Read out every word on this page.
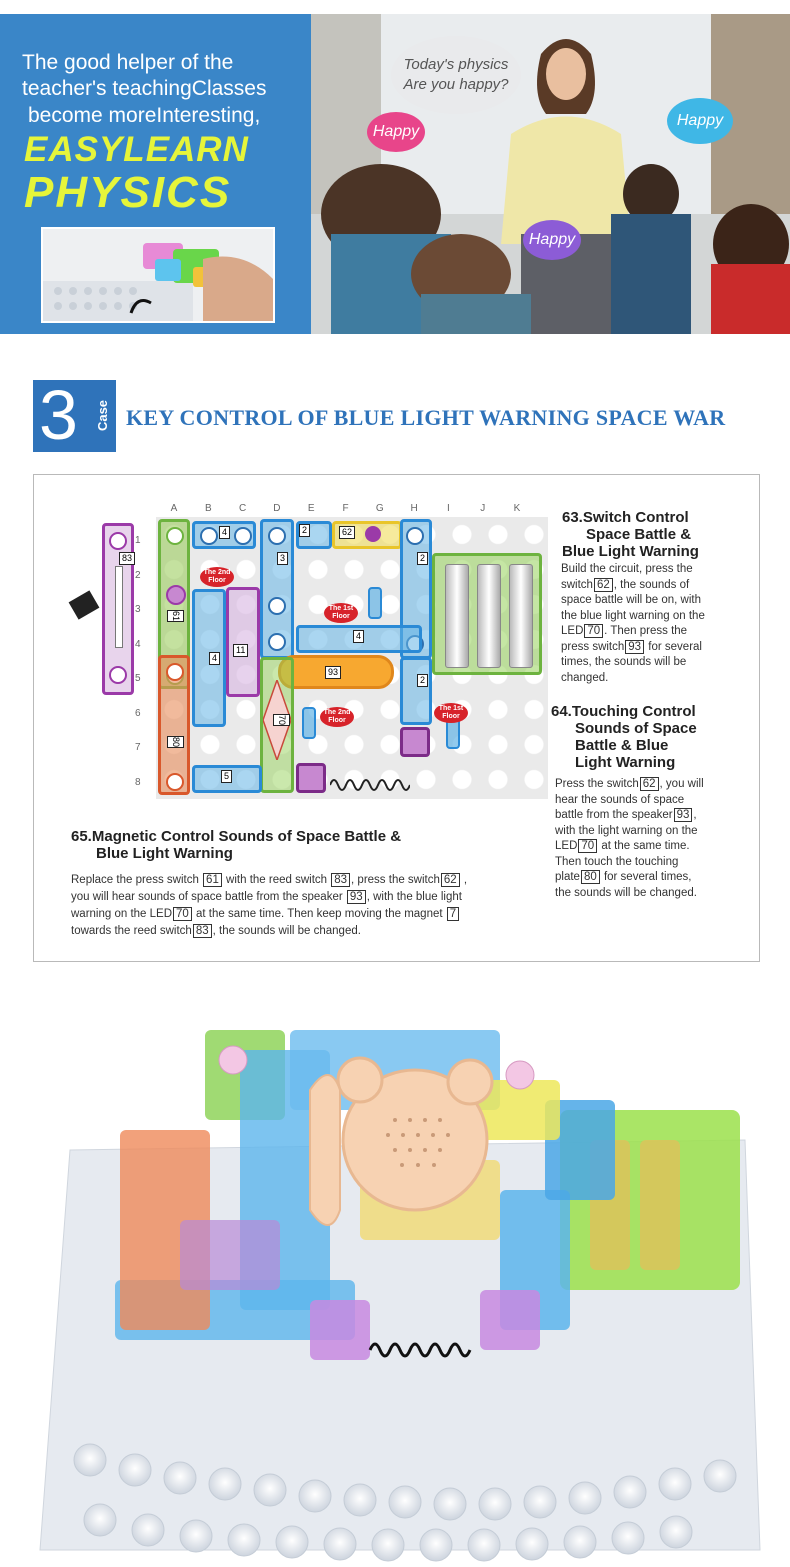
The good helper of the
teacher's teachingClasses
become moreInteresting,
EASYLEARN
PHYSICS
Today's physics
Are you happy?
Happy
Happy
Happy
3 Case KEY CONTROL OF BLUE LIGHT WARNING SPACE WAR
A	B	C	D	E	F	G	H	I	J	K
1
2
3
4
5
6
7
8
83
61
80
4
3
2	62
2
4
93
11
4
70
5
2
The 2nd Floor
The 1st Floor
The 2nd Floor
The 1st Floor
63.Switch Control
Space Battle &
Blue Light Warning
Build the circuit, press the
switch 62 , the sounds of
space battle will be on, with
the blue light warning on the
LED 70 . Then press the
press switch 93 for several
times, the sounds will be
changed.
64.Touching Control
Sounds of Space
Battle & Blue
Light Warning
Press the switch 62 , you will
hear the sounds of space
battle from the speaker 93 ,
with the light warning on the
LED 70 at the same time.
Then touch the touching
plate 80 for several times,
the sounds will be changed.
65.Magnetic Control Sounds of Space Battle &
Blue Light Warning
Replace the press switch 61 with the reed switch 83 , press the switch 62 ,
you will hear sounds of space battle from the speaker 93 , with the blue light
warning on the LED 70 at the same time. Then keep moving the magnet 7
towards the reed switch 83 , the sounds will be changed.
